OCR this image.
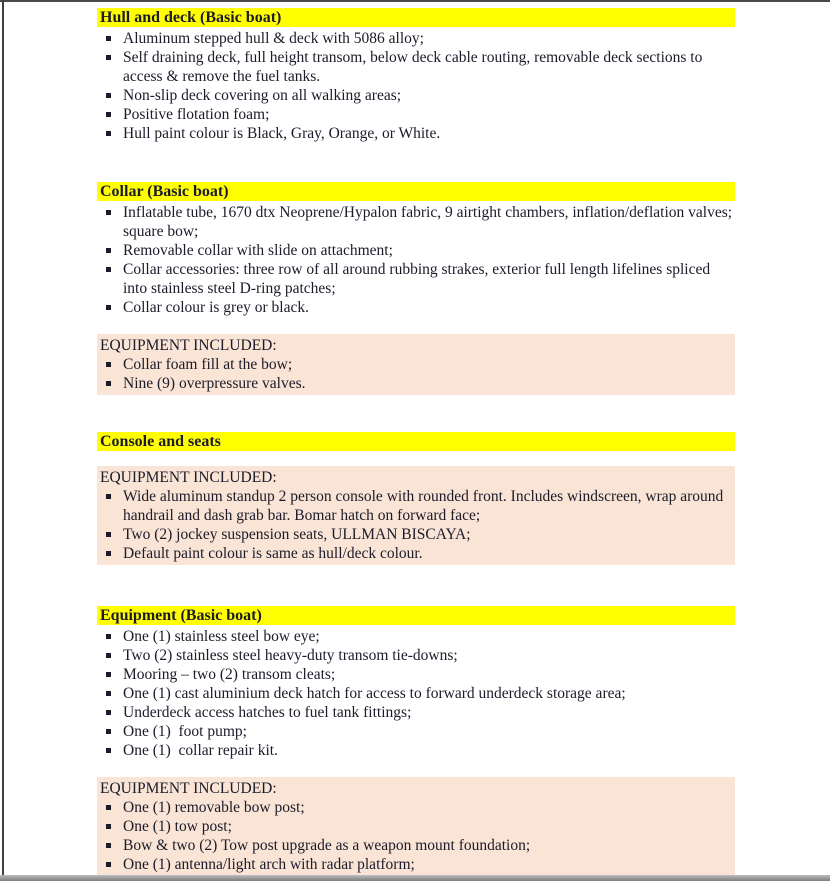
Hull and deck (Basic boat)
Aluminum stepped hull & deck with 5086 alloy;
Self draining deck, full height transom, below deck cable routing, removable deck sections to access & remove the fuel tanks.
Non-slip deck covering on all walking areas;
Positive flotation foam;
Hull paint colour is Black, Gray, Orange, or White.
Collar (Basic boat)
Inflatable tube, 1670 dtx Neoprene/Hypalon fabric, 9 airtight chambers, inflation/deflation valves; square bow;
Removable collar with slide on attachment;
Collar accessories: three row of all around rubbing strakes, exterior full length lifelines spliced into stainless steel D-ring patches;
Collar colour is grey or black.
EQUIPMENT INCLUDED:
Collar foam fill at the bow;
Nine (9) overpressure valves.
Console and seats
EQUIPMENT INCLUDED:
Wide aluminum standup 2 person console with rounded front. Includes windscreen, wrap around handrail and dash grab bar. Bomar hatch on forward face;
Two (2) jockey suspension seats, ULLMAN BISCAYA;
Default paint colour is same as hull/deck colour.
Equipment (Basic boat)
One (1) stainless steel bow eye;
Two (2) stainless steel heavy-duty transom tie-downs;
Mooring – two (2) transom cleats;
One (1) cast aluminium deck hatch for access to forward underdeck storage area;
Underdeck access hatches to fuel tank fittings;
One (1)  foot pump;
One (1)  collar repair kit.
EQUIPMENT INCLUDED:
One (1) removable bow post;
One (1) tow post;
Bow & two (2) Tow post upgrade as a weapon mount foundation;
One (1) antenna/light arch with radar platform;
